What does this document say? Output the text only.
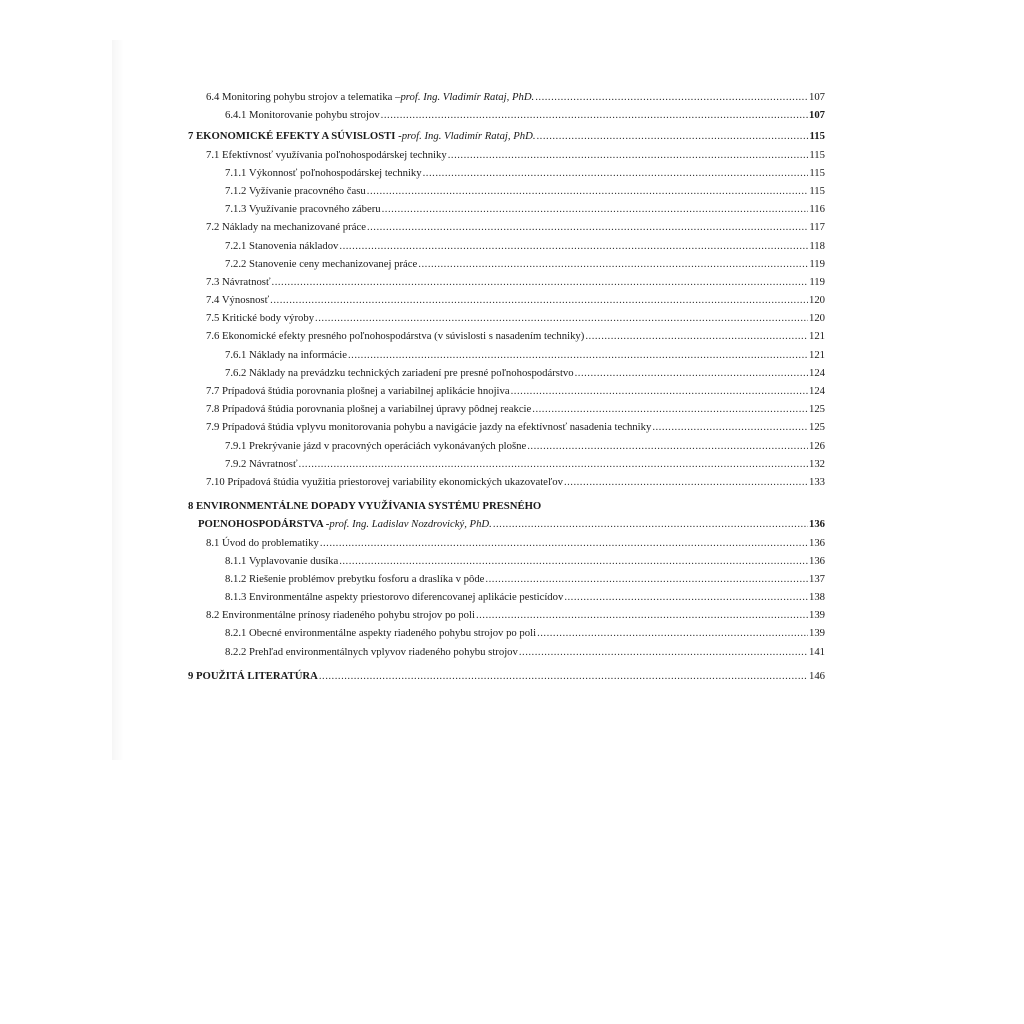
6.4 Monitoring pohybu strojov a telematika – prof. Ing. Vladimír Rataj, PhD. .....	107
6.4.1 Monitorovanie pohybu strojov .....	107
7 EKONOMICKÉ EFEKTY A SÚVISLOSTI - prof. Ing. Vladimír Rataj, PhD. .....	115
7.1 Efektívnosť využívania poľnohospodárskej techniky .....	115
7.1.1 Výkonnosť poľnohospodárskej techniky .....	115
7.1.2 Vyžívanie pracovného času .....	115
7.1.3 Využívanie pracovného záberu .....	116
7.2 Náklady na mechanizované práce .....	117
7.2.1 Stanovenia nákladov .....	118
7.2.2 Stanovenie ceny mechanizovanej práce .....	119
7.3 Návratnosť .....	119
7.4 Výnosnosť .....	120
7.5 Kritické body výroby .....	120
7.6 Ekonomické efekty presného poľnohospodárstva (v súvislosti s nasadením techniky) .....	121
7.6.1 Náklady na informácie .....	121
7.6.2 Náklady na prevádzku technických zariadení pre presné poľnohospodárstvo .....	124
7.7 Prípadová štúdia porovnania plošnej a variabilnej aplikácie hnojiva .....	124
7.8 Prípadová štúdia porovnania plošnej a variabilnej úpravy pôdnej reakcie .....	125
7.9 Prípadová štúdia vplyvu monitorovania pohybu a navigácie jazdy na efektívnosť nasadenia techniky .....	125
7.9.1 Prekrývanie jázd v pracovných operáciách vykonávaných plošne .....	126
7.9.2 Návratnosť .....	132
7.10 Prípadová štúdia využitia priestorovej variability ekonomických ukazovateľov .....	133
8 ENVIRONMENTÁLNE DOPADY VYUŽÍVANIA SYSTÉMU PRESNÉHO
POĽNOHOSPODÁRSTVA - prof. Ing. Ladislav Nozdrovický, PhD. .....	136
8.1 Úvod do problematiky .....	136
8.1.1 Vyplavovanie dusíka .....	136
8.1.2 Riešenie problémov prebytku fosforu a draslíka v pôde .....	137
8.1.3 Environmentálne aspekty priestorovo diferencovanej aplikácie pesticídov .....	138
8.2 Environmentálne prínosy riadeného pohybu strojov po poli .....	139
8.2.1 Obecné environmentálne aspekty riadeného pohybu strojov po poli .....	139
8.2.2 Prehľad environmentálnych vplyvov riadeného pohybu strojov .....	141
9 POUŽITÁ LITERATÚRA .....	146
